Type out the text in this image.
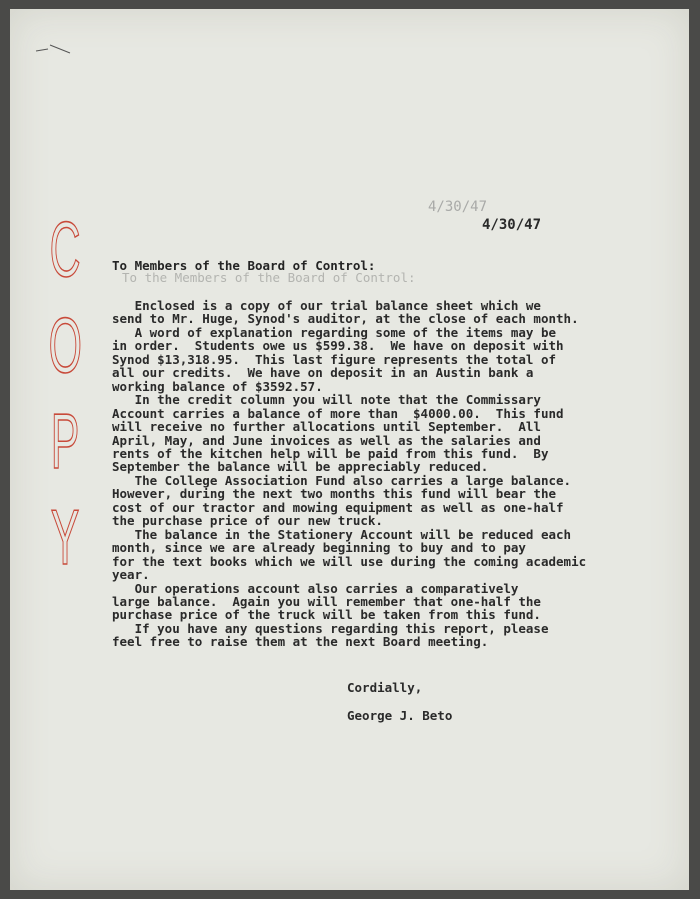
C
O
P
Y
4/30/47
4/30/47
To Members of the Board of Control:
To the Members of the Board of Control:
Enclosed is a copy of our trial balance sheet which we
send to Mr. Huge, Synod's auditor, at the close of each month.
A word of explanation regarding some of the items may be
in order.  Students owe us $599.38.  We have on deposit with
Synod $13,318.95.  This last figure represents the total of
all our credits.  We have on deposit in an Austin bank a
working balance of $3592.57.
In the credit column you will note that the Commissary
Account carries a balance of more than  $4000.00.  This fund
will receive no further allocations until September.  All
April, May, and June invoices as well as the salaries and
rents of the kitchen help will be paid from this fund.  By
September the balance will be appreciably reduced.
The College Association Fund also carries a large balance.
However, during the next two months this fund will bear the
cost of our tractor and mowing equipment as well as one-half
the purchase price of our new truck.
The balance in the Stationery Account will be reduced each
month, since we are already beginning to buy and to pay
for the text books which we will use during the coming academic
year.
Our operations account also carries a comparatively
large balance.  Again you will remember that one-half the
purchase price of the truck will be taken from this fund.
If you have any questions regarding this report, please
feel free to raise them at the next Board meeting.
Cordially,
George J. Beto
